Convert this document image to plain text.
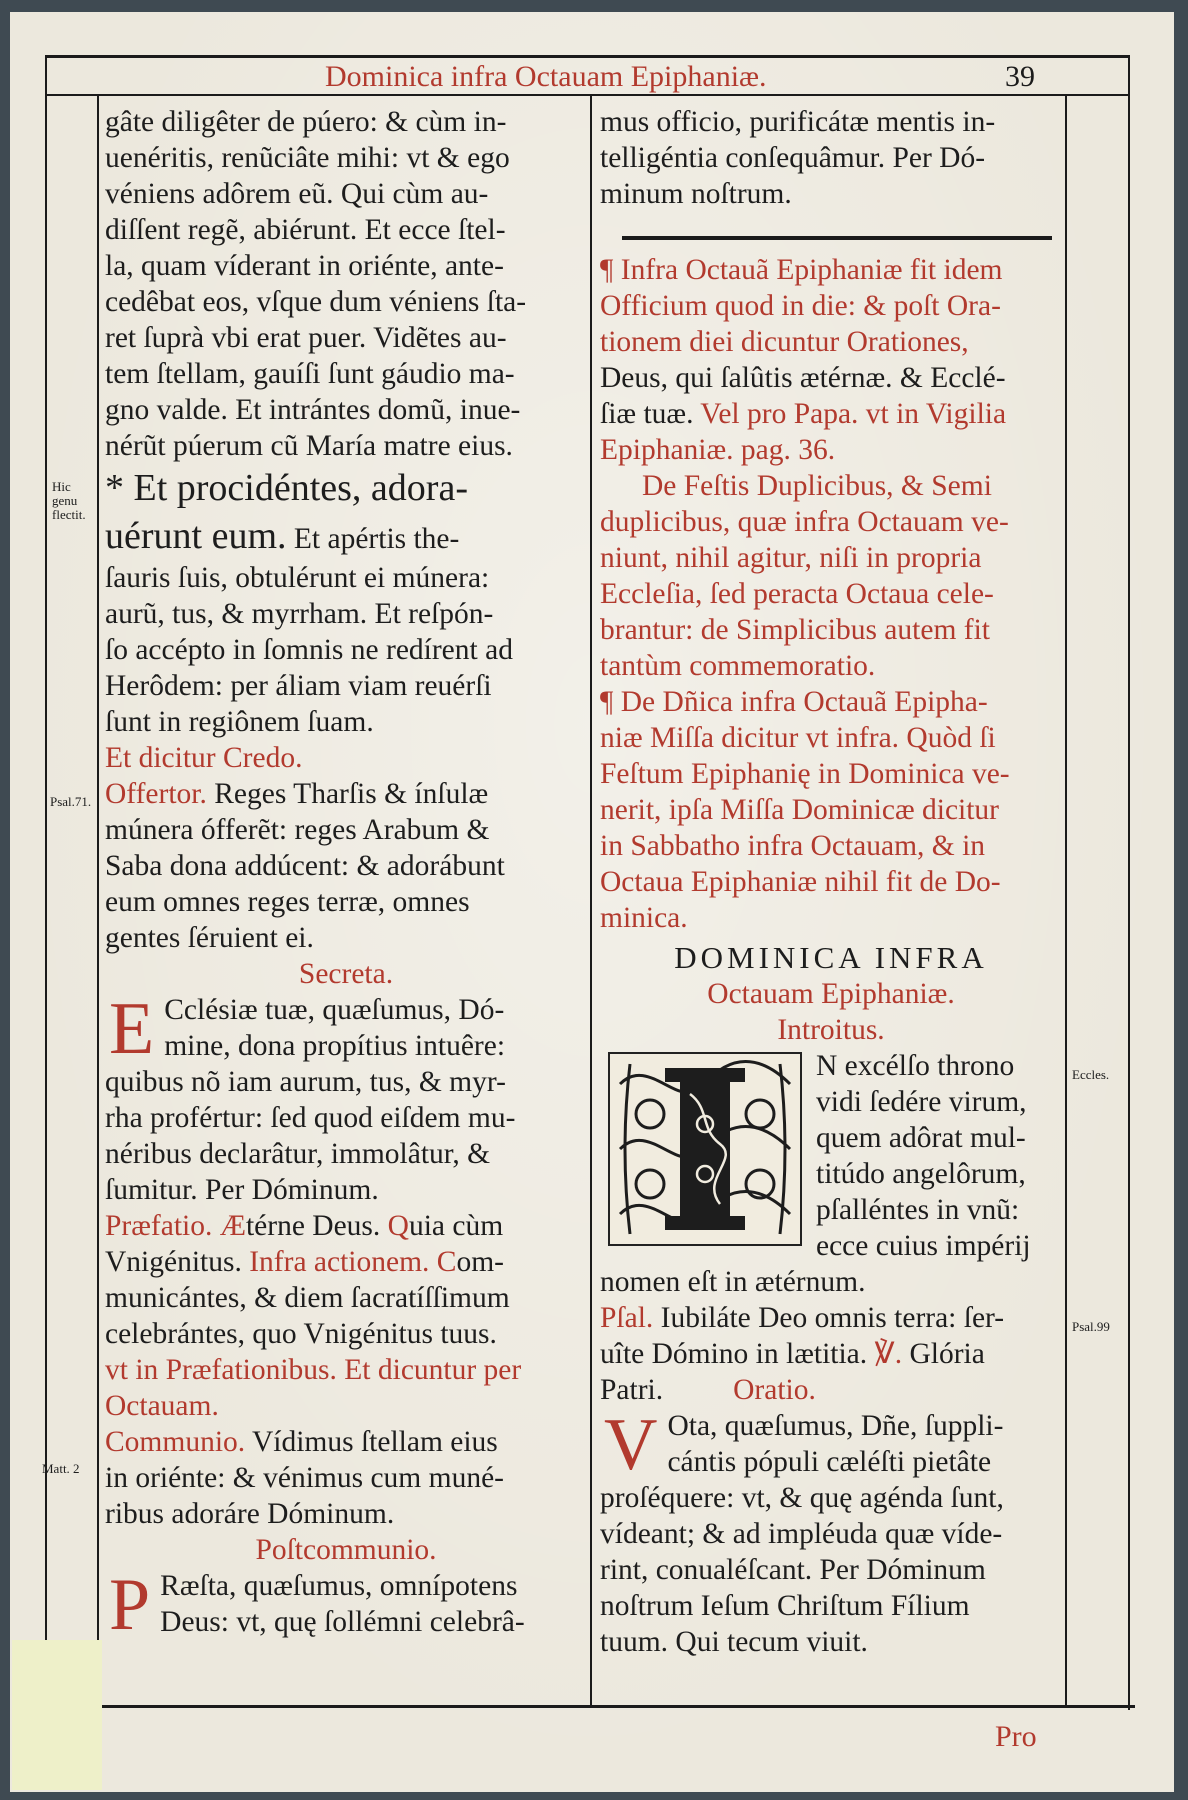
Dominica infra Octauam Epiphaniæ.	39
Hic genu flectit.
Psal.71.
Matt. 2
Eccles.
Psal.99

gâte diligêter de púero: & cùm in-

uenéritis, renũciâte mihi: vt & ego

véniens adôrem eũ. Qui cùm au-

diſſent regẽ, abiérunt. Et ecce ſtel-

la, quam víderant in oriénte, ante-

cedêbat eos, vſque dum véniens ſta-

ret ſuprà vbi erat puer. Vidẽtes au-

tem ſtellam, gauíſi ſunt gáudio ma-

gno valde. Et intrántes domũ, inue-

nérũt púerum cũ María matre eius.

* Et procidéntes, adora-

uérunt eum. Et apértis the-

ſauris ſuis, obtulérunt ei múnera:

aurũ, tus, & myrrham. Et reſpón-

ſo accépto in ſomnis ne redírent ad

Herôdem: per áliam viam reuérſi

ſunt in regiônem ſuam.

Et dicitur Credo.

Offertor. Reges Tharſis & ínſulæ

múnera ófferẽt: reges Arabum &

Saba dona addúcent: & adorábunt

eum omnes reges terræ, omnes

gentes ſéruient ei.

Secreta.

E Cclésiæ tuæ, quæſumus, Dó-

mine, dona propítius intuêre:

quibus nõ iam aurum, tus, & myr-

rha profértur: ſed quod eiſdem mu-

néribus declarâtur, immolâtur, &

ſumitur. Per Dóminum.

Præfatio. Ætérne Deus. Quia cùm

Vnigénitus. Infra actionem. Com-

municántes, & diem ſacratíſſimum

celebrántes, quo Vnigénitus tuus.

vt in Præfationibus. Et dicuntur per

Octauam.

Communio. Vídimus ſtellam eius

in oriénte: & vénimus cum muné-

ribus adoráre Dóminum.

Poſtcommunio.

P Ræſta, quæſumus, omnípotens

Deus: vt, quę ſollémni celebrâ-

mus officio, purificátæ mentis in-

telligéntia conſequâmur. Per Dó-

minum noſtrum.

¶ Infra Octauã Epiphaniæ fit idem

Officium quod in die: & poſt Ora-

tionem diei dicuntur Orationes,

Deus, qui ſalûtis ætérnæ. & Ecclé-

ſiæ tuæ. Vel pro Papa. vt in Vigilia

Epiphaniæ. pag. 36.

De Feſtis Duplicibus, & Semi

duplicibus, quæ infra Octauam ve-

niunt, nihil agitur, niſi in propria

Eccleſia, ſed peracta Octaua cele-

brantur: de Simplicibus autem fit

tantùm commemoratio.

¶ De Dñica infra Octauã Epipha-

niæ Miſſa dicitur vt infra. Quòd ſi

Feſtum Epiphanię in Dominica ve-

nerit, ipſa Miſſa Dominicæ dicitur

in Sabbatho infra Octauam, & in

Octaua Epiphaniæ nihil fit de Do-

minica.

DOMINICA INFRA

Octauam Epiphaniæ.

Introitus.

N excélſo throno

vidi ſedére virum,

quem adôrat mul-

titúdo angelôrum,

pſalléntes in vnũ:

ecce cuius impérij

nomen eſt in ætérnum.

Pſal. Iubiláte Deo omnis terra: ſer-

uîte Dómino in lætitia. ℣. Glória

Patri. Oratio.

V Ota, quæſumus, Dñe, ſuppli-

cántis pópuli cæléſti pietâte

proſéquere: vt, & quę agénda ſunt,

vídeant; & ad impléuda quæ víde-

rint, conualéſcant. Per Dóminum

noſtrum Ieſum Chriſtum Fílium

tuum. Qui tecum viuit.

Pro
